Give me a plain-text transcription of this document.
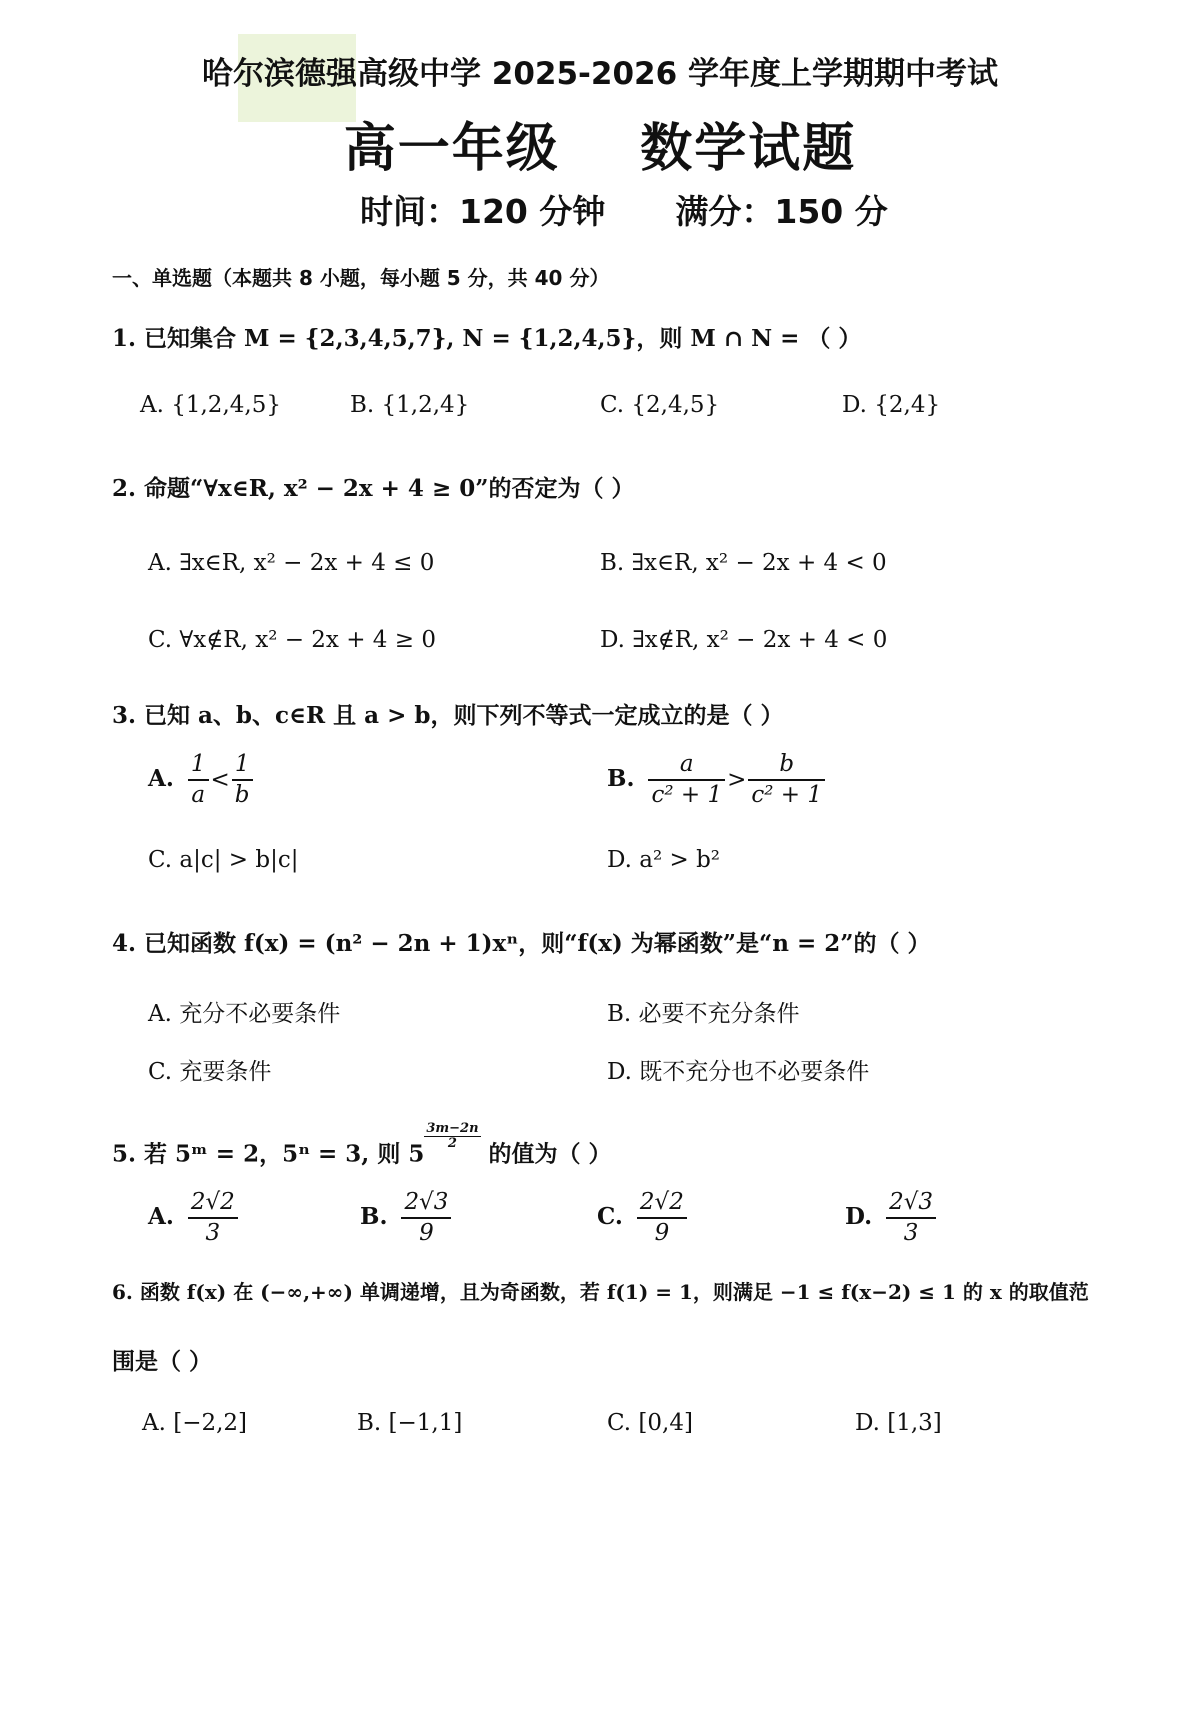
哈尔滨德强高级中学 2025-2026 学年度上学期期中考试
高一年级    数学试题
时间：120 分钟 满分：150 分
一、单选题（本题共 8 小题，每小题 5 分，共 40 分）
1. 已知集合 M = {2,3,4,5,7}, N = {1,2,4,5}，则 M ∩ N = （ ）
A. {1,2,4,5}	B. {1,2,4}	C. {2,4,5}	D. {2,4}
2. 命题“∀x∈R, x² − 2x + 4 ≥ 0”的否定为（ ）
A. ∃x∈R, x² − 2x + 4 ≤ 0	B. ∃x∈R, x² − 2x + 4 < 0
C. ∀x∉R, x² − 2x + 4 ≥ 0	D. ∃x∉R, x² − 2x + 4 < 0
3. 已知 a、b、c∈R 且 a > b，则下列不等式一定成立的是（ ）
A. $\frac{1}{a} < \frac{1}{b}$	B. $\frac{a}{\text{c² + 1}} > \frac{b}{\text{c² + 1}}$
C. a|c| > b|c|	D. a² > b²
4. 已知函数 f(x) = (n² − 2n + 1)xⁿ，则“f(x) 为幂函数”是“n = 2”的（ ）
A. 充分不必要条件	B. 必要不充分条件
C. 充要条件	D. 既不充分也不必要条件
5. 若 5ᵐ = 2，5ⁿ = 3, 则 5
$\frac{3m-2n}{2}$
的值为（ ）
A. $\frac{2√2}{3}$	B. $\frac{2√3}{9}$	C. $\frac{2√2}{9}$	D. $\frac{2√3}{3}$
6. 函数 f(x) 在 (−∞,+∞) 单调递增，且为奇函数，若 f(1) = 1，则满足 −1 ≤ f(x−2) ≤ 1 的 x 的取值范
围是（ ）
A. [−2,2]	B. [−1,1]	C. [0,4]	D. [1,3]
